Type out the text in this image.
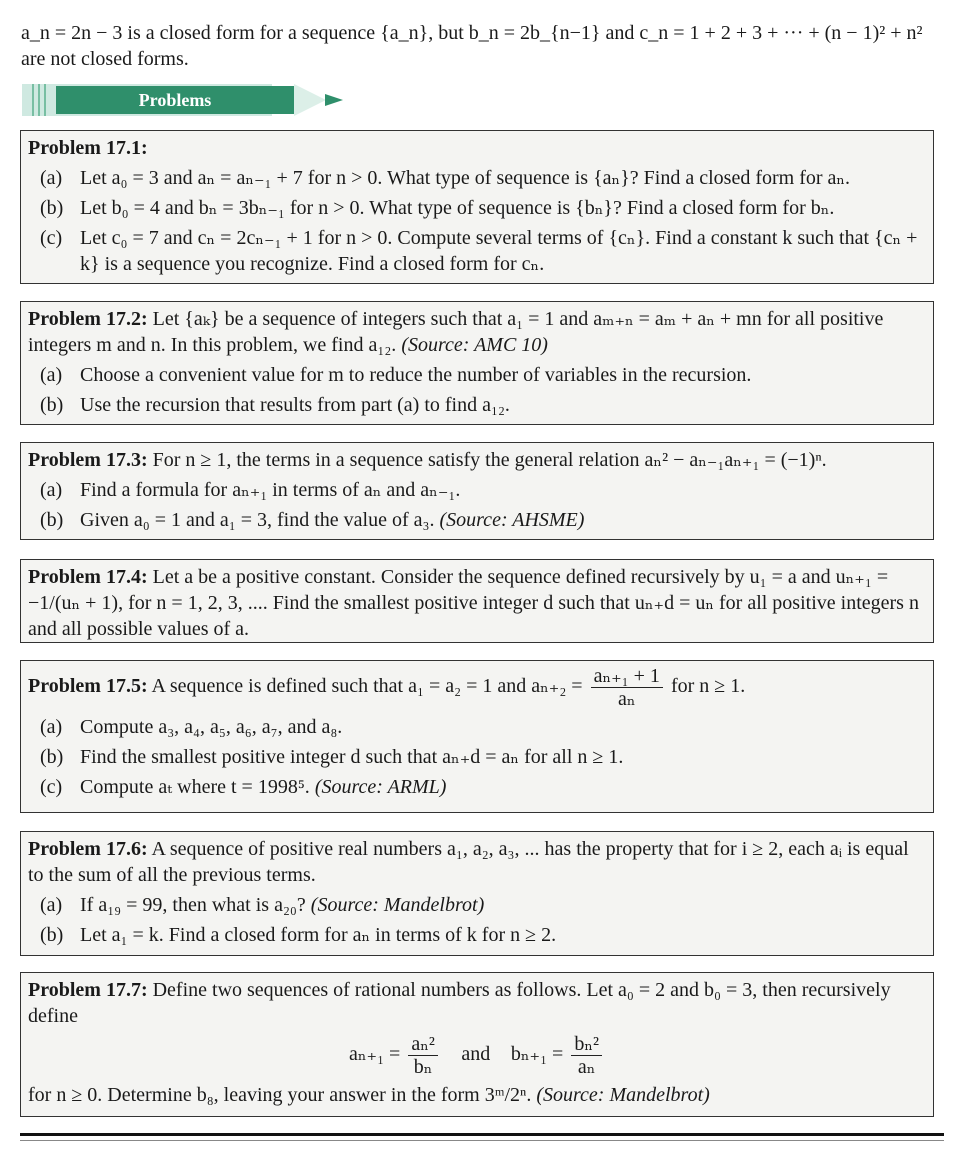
a_n = 2n − 3 is a closed form for a sequence {a_n}, but b_n = 2b_{n−1} and c_n = 1 + 2 + 3 + ··· + (n − 1)² + n² are not closed forms.
Problems

Problem 17.1:

(a) Let a₀ = 3 and aₙ = aₙ₋₁ + 7 for n > 0. What type of sequence is {aₙ}? Find a closed form for aₙ.
(b) Let b₀ = 4 and bₙ = 3bₙ₋₁ for n > 0. What type of sequence is {bₙ}? Find a closed form for bₙ.
(c) Let c₀ = 7 and cₙ = 2cₙ₋₁ + 1 for n > 0. Compute several terms of {cₙ}. Find a constant k such that {cₙ + k} is a sequence you recognize. Find a closed form for cₙ.

Problem 17.2: Let {aₖ} be a sequence of integers such that a₁ = 1 and aₘ₊ₙ = aₘ + aₙ + mn for all positive integers m and n. In this problem, we find a₁₂. (Source: AMC 10)

(a) Choose a convenient value for m to reduce the number of variables in the recursion.
(b) Use the recursion that results from part (a) to find a₁₂.

Problem 17.3: For n ≥ 1, the terms in a sequence satisfy the general relation aₙ² − aₙ₋₁aₙ₊₁ = (−1)ⁿ.

(a) Find a formula for aₙ₊₁ in terms of aₙ and aₙ₋₁.
(b) Given a₀ = 1 and a₁ = 3, find the value of a₃. (Source: AHSME)

Problem 17.4: Let a be a positive constant. Consider the sequence defined recursively by u₁ = a and uₙ₊₁ = −1/(uₙ + 1), for n = 1, 2, 3, .... Find the smallest positive integer d such that uₙ₊d = uₙ for all positive integers n and all possible values of a.

Problem 17.5: A sequence is defined such that a₁ = a₂ = 1 and $a_{n+2} = \frac{\text{aₙ₊₁ + 1}}{\text{aₙ}}$ for n ≥ 1.

(a) Compute a₃, a₄, a₅, a₆, a₇, and a₈.
(b) Find the smallest positive integer d such that aₙ₊d = aₙ for all n ≥ 1.
(c) Compute aₜ where t = 1998⁵. (Source: ARML)

Problem 17.6: A sequence of positive real numbers a₁, a₂, a₃, ... has the property that for i ≥ 2, each aᵢ is equal to the sum of all the previous terms.

(a) If a₁₉ = 99, then what is a₂₀? (Source: Mandelbrot)
(b) Let a₁ = k. Find a closed form for aₙ in terms of k for n ≥ 2.

Problem 17.7: Define two sequences of rational numbers as follows. Let a₀ = 2 and b₀ = 3, then recursively define

$a_{n+1} = \frac{\text{aₙ²}}{\text{bₙ}}$ and $b_{n+1} = \frac{\text{bₙ²}}{\text{aₙ}}$

for n ≥ 0. Determine b₈, leaving your answer in the form 3ᵐ/2ⁿ. (Source: Mandelbrot)
